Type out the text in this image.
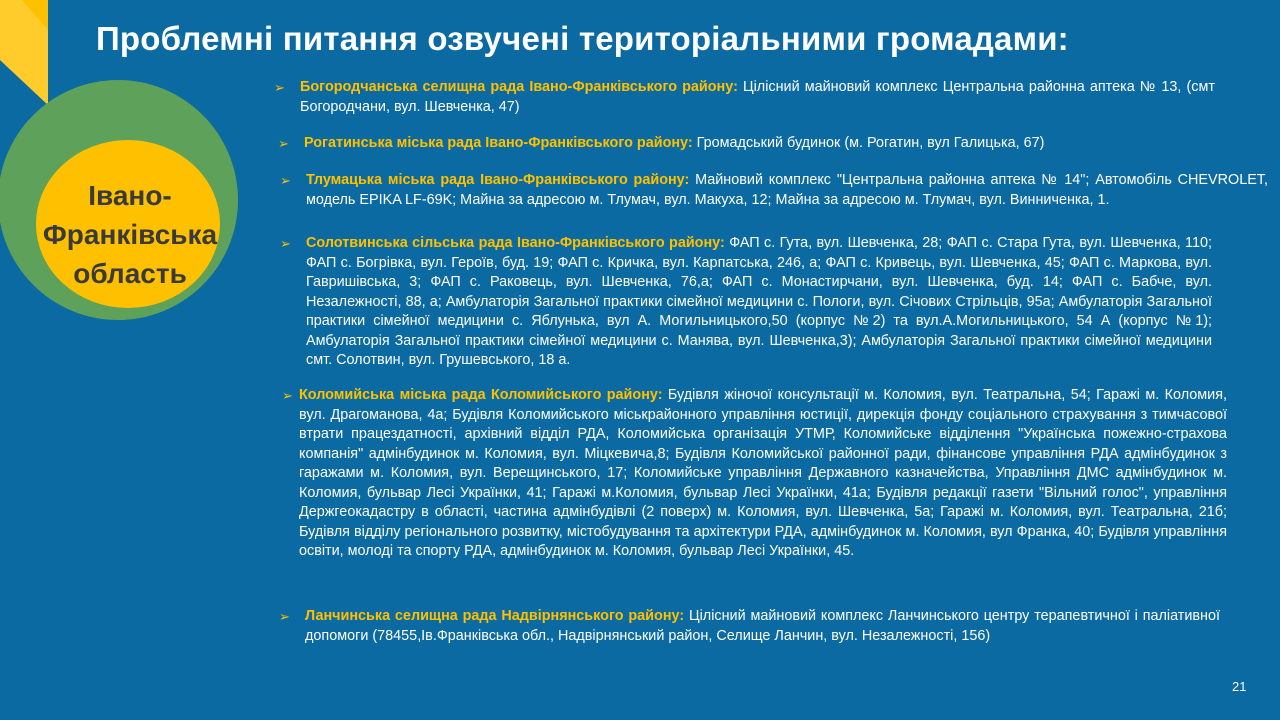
Проблемні питання озвучені територіальними громадами:
Івано-
Франківська
область
➢ Богородчанська селищна рада Івано-Франківського району: Цілісний майновий комплекс Центральна районна аптека № 13, (смт Богородчани, вул. Шевченка, 47)
➢ Рогатинська міська рада Івано-Франківського району: Громадський будинок (м. Рогатин, вул Галицька, 67)
➢ Тлумацька міська рада Івано-Франківського району: Майновий комплекс "Центральна районна аптека № 14"; Автомобіль CHEVROLET, модель EPIKA LF-69K; Майна за адресою м. Тлумач, вул. Макуха, 12; Майна за адресою м. Тлумач, вул. Винниченка, 1.
➢ Солотвинська сільська рада Івано-Франківського району: ФАП с. Гута, вул. Шевченка, 28; ФАП с. Стара Гута, вул. Шевченка, 110; ФАП с. Богрівка, вул. Героїв, буд. 19; ФАП с. Кричка, вул. Карпатська, 246, а; ФАП с. Кривець, вул. Шевченка, 45; ФАП с. Маркова, вул. Гавришівська, 3; ФАП с. Раковець, вул. Шевченка, 76,а; ФАП с. Монастирчани, вул. Шевченка, буд. 14; ФАП с. Бабче, вул. Незалежності, 88, а; Амбулаторія Загальної практики сімейної медицини с. Пологи, вул. Січових Стрільців, 95а; Амбулаторія Загальної практики сімейної медицини с. Яблунька, вул А. Могильницького,50 (корпус №2) та вул.А.Могильницького, 54 А (корпус №1); Амбулаторія Загальної практики сімейної медицини с. Манява, вул. Шевченка,3); Амбулаторія Загальної практики сімейної медицини смт. Солотвин, вул. Грушевського, 18 а.
➢ Коломийська міська рада Коломийського району: Будівля жіночої консультації м. Коломия, вул. Театральна, 54; Гаражі м. Коломия, вул. Драгоманова, 4а; Будівля Коломийського міськрайонного управління юстиції, дирекція фонду соціального страхування з тимчасової втрати працездатності, архівний відділ РДА, Коломийська організація УТМР, Коломийське відділення "Українська пожежно-страхова компанія" адмінбудинок м. Коломия, вул. Міцкевича,8; Будівля Коломийської районної ради, фінансове управління РДА адмінбудинок з гаражами м. Коломия, вул. Верещинського, 17; Коломийське управління Державного казначейства, Управління ДМС адмінбудинок м. Коломия, бульвар Лесі Українки, 41; Гаражі м.Коломия, бульвар Лесі Українки, 41а; Будівля редакції газети "Вільний голос", управління Держгеокадастру в області, частина адмінбудівлі (2 поверх) м. Коломия, вул. Шевченка, 5а; Гаражі м. Коломия, вул. Театральна, 21б; Будівля відділу регіонального розвитку, містобудування та архітектури РДА, адмінбудинок м. Коломия, вул Франка, 40; Будівля управління освіти, молоді та спорту РДА, адмінбудинок м. Коломия, бульвар Лесі Українки, 45.
➢ Ланчинська селищна рада Надвірнянського району: Цілісний майновий комплекс Ланчинського центру терапевтичної і паліативної допомоги (78455,Ів.Франківська обл., Надвірнянський район, Селище Ланчин, вул. Незалежності, 156)
21
